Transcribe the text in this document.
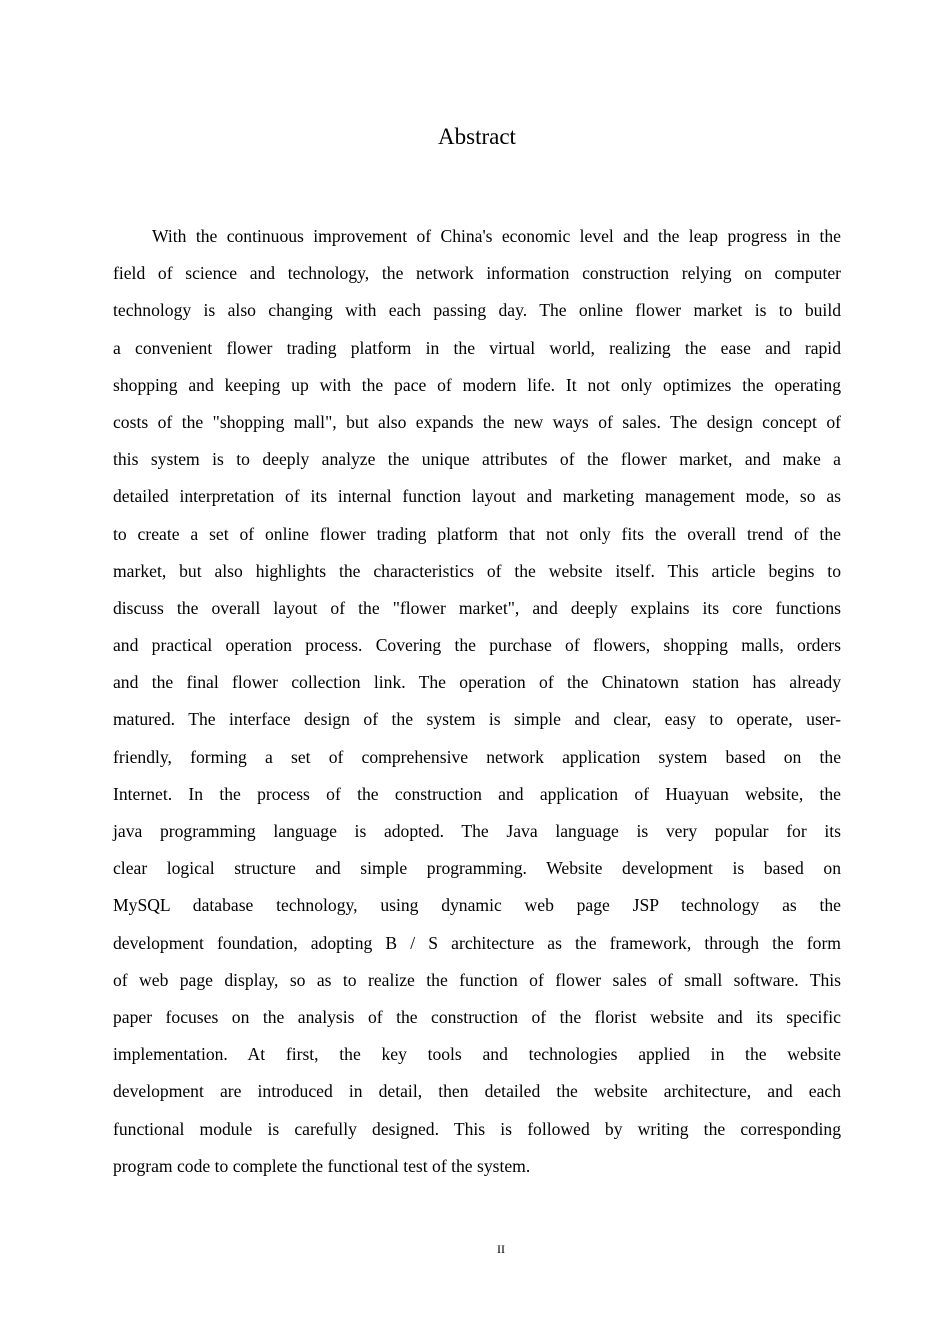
Abstract
With the continuous improvement of China's economic level and the leap progress in the
field of science and technology, the network information construction relying on computer
technology is also changing with each passing day. The online flower market is to build
a convenient flower trading platform in the virtual world, realizing the ease and rapid
shopping and keeping up with the pace of modern life. It not only optimizes the operating
costs of the "shopping mall", but also expands the new ways of sales. The design concept of
this system is to deeply analyze the unique attributes of the flower market, and make a
detailed interpretation of its internal function layout and marketing management mode, so as
to create a set of online flower trading platform that not only fits the overall trend of the
market, but also highlights the characteristics of the website itself. This article begins to
discuss the overall layout of the "flower market", and deeply explains its core functions
and practical operation process. Covering the purchase of flowers, shopping malls, orders
and the final flower collection link. The operation of the Chinatown station has already
matured. The interface design of the system is simple and clear, easy to operate, user-
friendly, forming a set of comprehensive network application system based on the
Internet. In the process of the construction and application of Huayuan website, the
java programming language is adopted. The Java language is very popular for its
clear logical structure and simple programming. Website development is based on
MySQL database technology, using dynamic web page JSP technology as the
development foundation, adopting B / S architecture as the framework, through the form
of web page display, so as to realize the function of flower sales of small software. This
paper focuses on the analysis of the construction of the florist website and its specific
implementation. At first, the key tools and technologies applied in the website
development are introduced in detail, then detailed the website architecture, and each
functional module is carefully designed. This is followed by writing the corresponding
program code to complete the functional test of the system.
II
